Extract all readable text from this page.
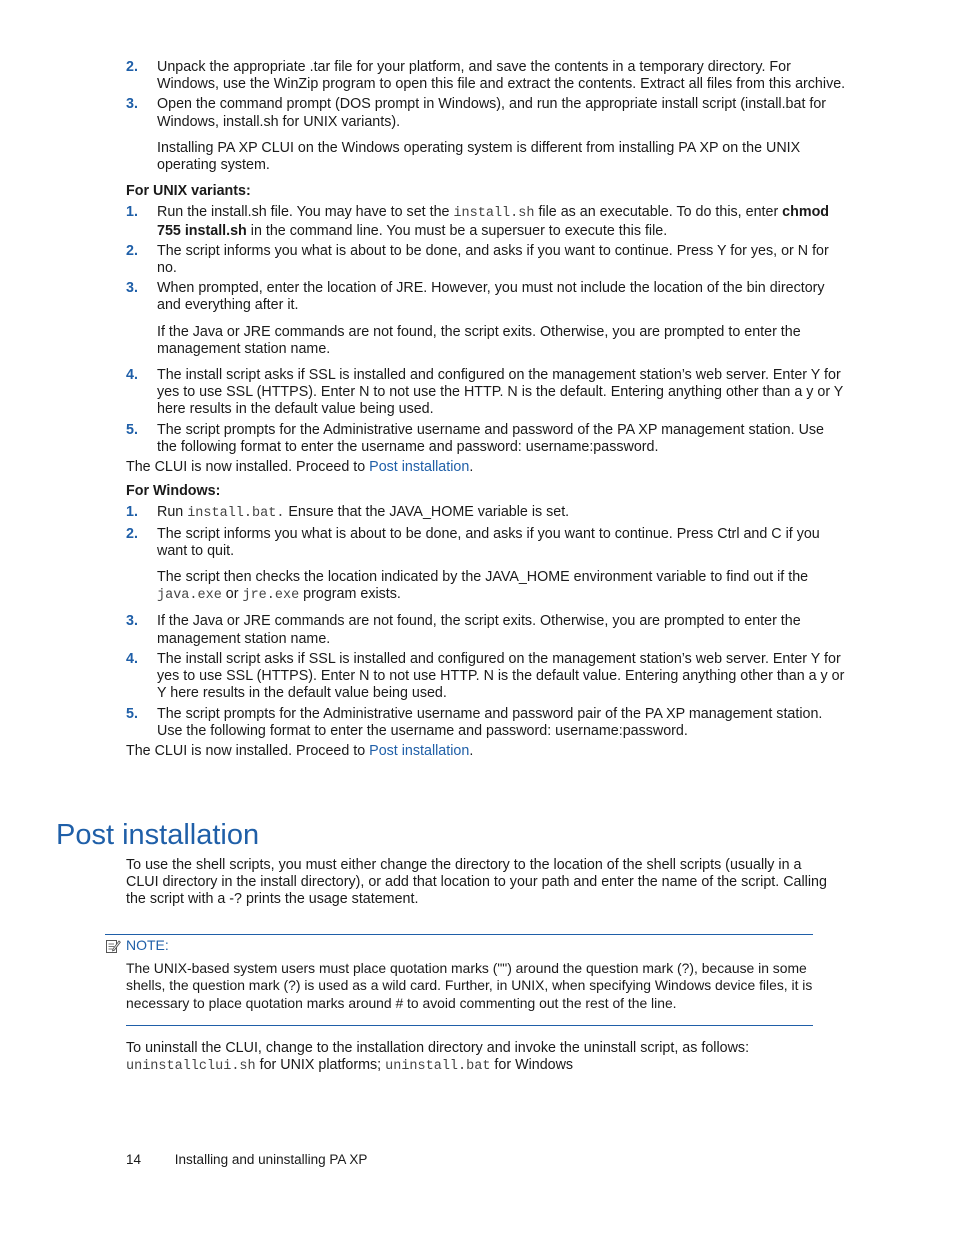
2. Unpack the appropriate .tar file for your platform, and save the contents in a temporary directory. For Windows, use the WinZip program to open this file and extract the contents. Extract all files from this archive.

3. Open the command prompt (DOS prompt in Windows), and run the appropriate install script (install.bat for Windows, install.sh for UNIX variants).

Installing PA XP CLUI on the Windows operating system is different from installing PA XP on the UNIX operating system.

For UNIX variants:
1. Run the install.sh file. You may have to set the install.sh file as an executable. To do this, enter chmod 755 install.sh in the command line. You must be a supersuer to execute this file.

2. The script informs you what is about to be done, and asks if you want to continue. Press Y for yes, or N for no.

3. When prompted, enter the location of JRE. However, you must not include the location of the bin directory and everything after it.

If the Java or JRE commands are not found, the script exits. Otherwise, you are prompted to enter the management station name.

4. The install script asks if SSL is installed and configured on the management station’s web server. Enter Y for yes to use SSL (HTTPS). Enter N to not use the HTTP. N is the default. Entering anything other than a y or Y here results in the default value being used.

5. The script prompts for the Administrative username and password of the PA XP management station. Use the following format to enter the username and password: username:password.

The CLUI is now installed. Proceed to Post installation.

For Windows:
1. Run install.bat. Ensure that the JAVA_HOME variable is set.

2. The script informs you what is about to be done, and asks if you want to continue. Press Ctrl and C if you want to quit.

The script then checks the location indicated by the JAVA_HOME environment variable to find out if the java.exe or jre.exe program exists.

3. If the Java or JRE commands are not found, the script exits. Otherwise, you are prompted to enter the management station name.

4. The install script asks if SSL is installed and configured on the management station’s web server. Enter Y for yes to use SSL (HTTPS). Enter N to not use HTTP. N is the default value. Entering anything other than a y or Y here results in the default value being used.

5. The script prompts for the Administrative username and password pair of the PA XP management station. Use the following format to enter the username and password: username:password.

The CLUI is now installed. Proceed to Post installation.

Post installation

To use the shell scripts, you must either change the directory to the location of the shell scripts (usually in a CLUI directory in the install directory), or add that location to your path and enter the name of the script. Calling the script with a -? prints the usage statement.

NOTE:

The UNIX-based system users must place quotation marks ("") around the question mark (?), because in some shells, the question mark (?) is used as a wild card. Further, in UNIX, when specifying Windows device files, it is necessary to place quotation marks around # to avoid commenting out the rest of the line.

To uninstall the CLUI, change to the installation directory and invoke the uninstall script, as follows:

uninstallclui.sh for UNIX platforms; uninstall.bat for Windows

14	Installing and uninstalling PA XP
